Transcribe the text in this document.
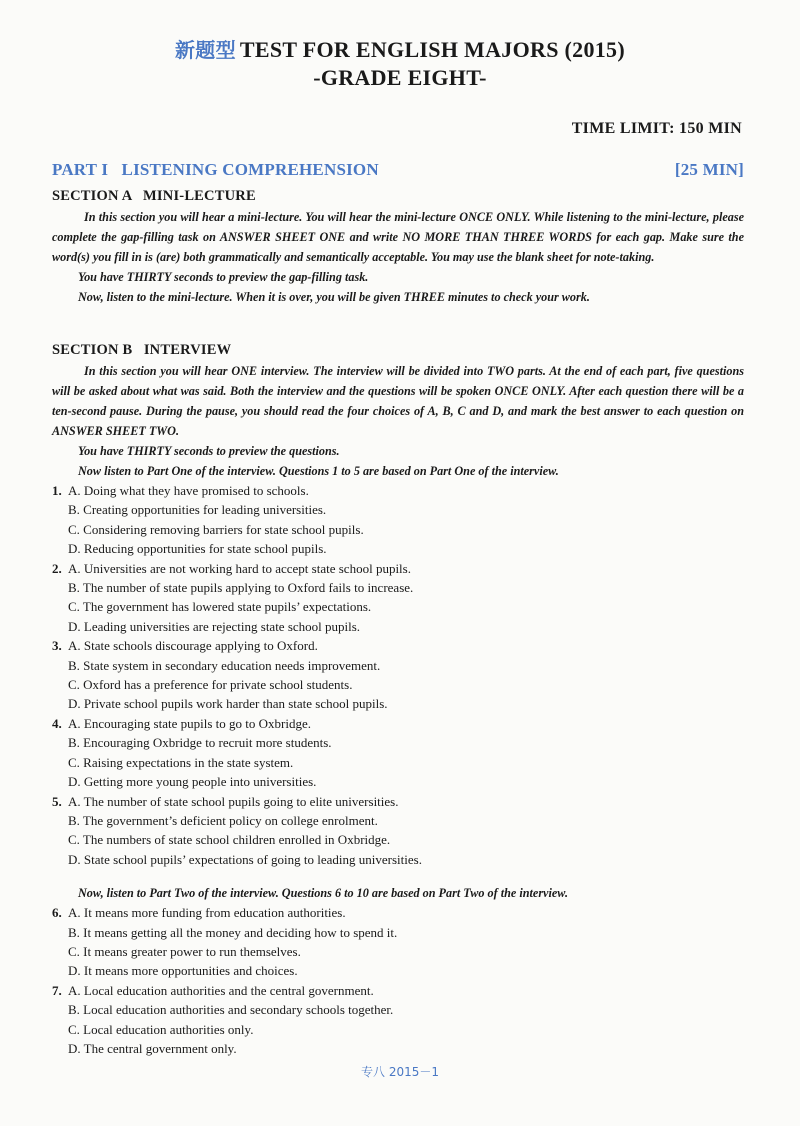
新题型 TEST FOR ENGLISH MAJORS (2015)
-GRADE EIGHT-
TIME LIMIT: 150 MIN
PART I   LISTENING COMPREHENSION	[25 MIN]

SECTION A   MINI-LECTURE

In this section you will hear a mini-lecture. You will hear the mini-lecture ONCE ONLY. While listening to the mini-lecture, please complete the gap-filling task on ANSWER SHEET ONE and write NO MORE THAN THREE WORDS for each gap. Make sure the word(s) you fill in is (are) both grammatically and semantically acceptable. You may use the blank sheet for note-taking.

You have THIRTY seconds to preview the gap-filling task.

Now, listen to the mini-lecture. When it is over, you will be given THREE minutes to check your work.

SECTION B   INTERVIEW

In this section you will hear ONE interview. The interview will be divided into TWO parts. At the end of each part, five questions will be asked about what was said. Both the interview and the questions will be spoken ONCE ONLY. After each question there will be a ten-second pause. During the pause, you should read the four choices of A, B, C and D, and mark the best answer to each question on ANSWER SHEET TWO.

You have THIRTY seconds to preview the questions.

Now listen to Part One of the interview. Questions 1 to 5 are based on Part One of the interview.

1. A. Doing what they have promised to schools.
B. Creating opportunities for leading universities.
C. Considering removing barriers for state school pupils.
D. Reducing opportunities for state school pupils.
2. A. Universities are not working hard to accept state school pupils.
B. The number of state pupils applying to Oxford fails to increase.
C. The government has lowered state pupils’ expectations.
D. Leading universities are rejecting state school pupils.
3. A. State schools discourage applying to Oxford.
B. State system in secondary education needs improvement.
C. Oxford has a preference for private school students.
D. Private school pupils work harder than state school pupils.
4. A. Encouraging state pupils to go to Oxbridge.
B. Encouraging Oxbridge to recruit more students.
C. Raising expectations in the state system.
D. Getting more young people into universities.
5. A. The number of state school pupils going to elite universities.
B. The government’s deficient policy on college enrolment.
C. The numbers of state school children enrolled in Oxbridge.
D. State school pupils’ expectations of going to leading universities.

Now, listen to Part Two of the interview. Questions 6 to 10 are based on Part Two of the interview.

6. A. It means more funding from education authorities.
B. It means getting all the money and deciding how to spend it.
C. It means greater power to run themselves.
D. It means more opportunities and choices.
7. A. Local education authorities and the central government.
B. Local education authorities and secondary schools together.
C. Local education authorities only.
D. The central government only.
专八 2015－1
